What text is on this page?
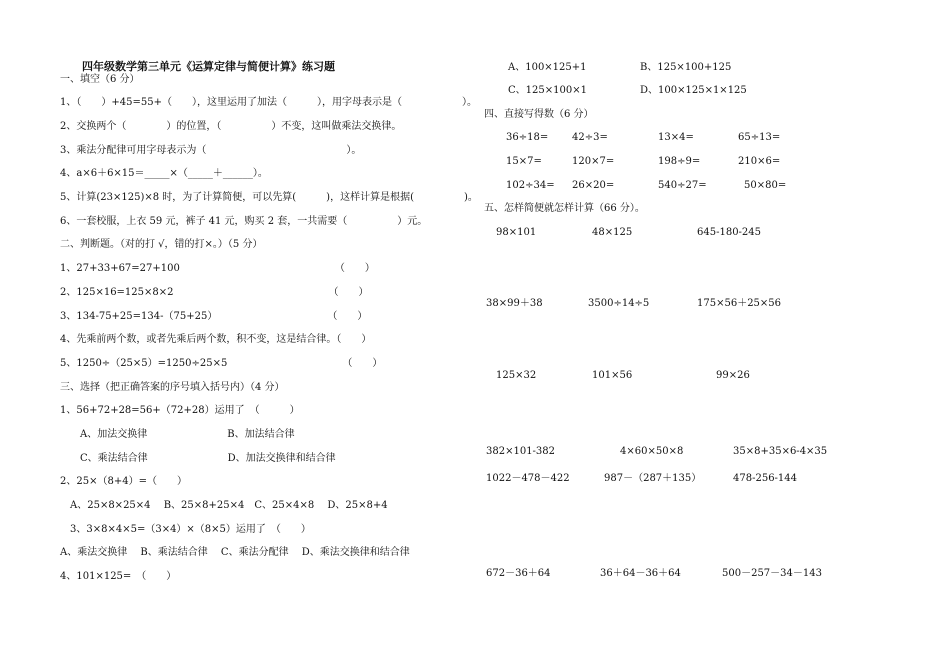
四年级数学第三单元《运算定律与简便计算》练习题
一、填空（6 分）
1、（　　）+45=55+（　　），这里运用了加法（　　　），用字母表示是（　　　　　　）。
2、交换两个（　　　　）的位置，（　　　　　）不变，这叫做乘法交换律。
3、乘法分配律可用字母表示为（　　　　　　　　　　　　　　）。
4、a×6＋6×15＝_____×（_____＋______）。
5、计算(23×125)×8 时，为了计算简便，可以先算(　　　)，这样计算是根据(　　　　　)。
6、一套校服，上衣 59 元，裤子 41 元，购买 2 套，一共需要（　　　　　）元。
二、判断题。（对的打 √，错的打×。）（5 分）
1、27+33+67=27+100　　　　　　　　　　　　　　　　（　　）
2、125×16=125×8×2　　　　　　　　　　　　　　　　（　　）
3、134-75+25=134-（75+25）　　　　　　　　　　　　（　　）
4、先乘前两个数，或者先乘后两个数，积不变，这是结合律。（　　）
5、1250÷（25×5）=1250÷25×5　　　　　　　　　　　　（　　）
三、选择（把正确答案的序号填入括号内）（4 分）
1、56+72+28=56+（72+28）运用了　（　　　）
　　A、加法交换律　　　　　　　　B、加法结合律
　　C、乘法结合律　　　　　　　　D、加法交换律和结合律
2、25×（8+4）=（　　）
　A、25×8×25×4　 B、25×8+25×4　C、25×4×8　 D、25×8+4
　3、3×8×4×5=（3×4）×（8×5）运用了　（　　）
A、乘法交换律　 B、乘法结合律　 C、乘法分配律　 D、乘法交换律和结合律
4、101×125=　（　　）
A、100×125+1	B、125×100+125
C、125×100×1	D、100×125×1×125
四、直接写得数（6 分）
36÷18= 42÷3=	13×4=	65÷13=
15×7=	120×7=	198÷9=	210×6=
102÷34= 26×20=	540÷27=	50×80=
五、怎样简便就怎样计算（66 分）。
98×101	48×125	645-180-245
38×99＋38	3500÷14÷5	175×56＋25×56
125×32	101×56	99×26
382×101-382	4×60×50×8	35×8+35×6-4×35
1022－478－422	987－（287＋135）	478-256-144
672－36＋64	36＋64－36＋64	500－257－34－143
